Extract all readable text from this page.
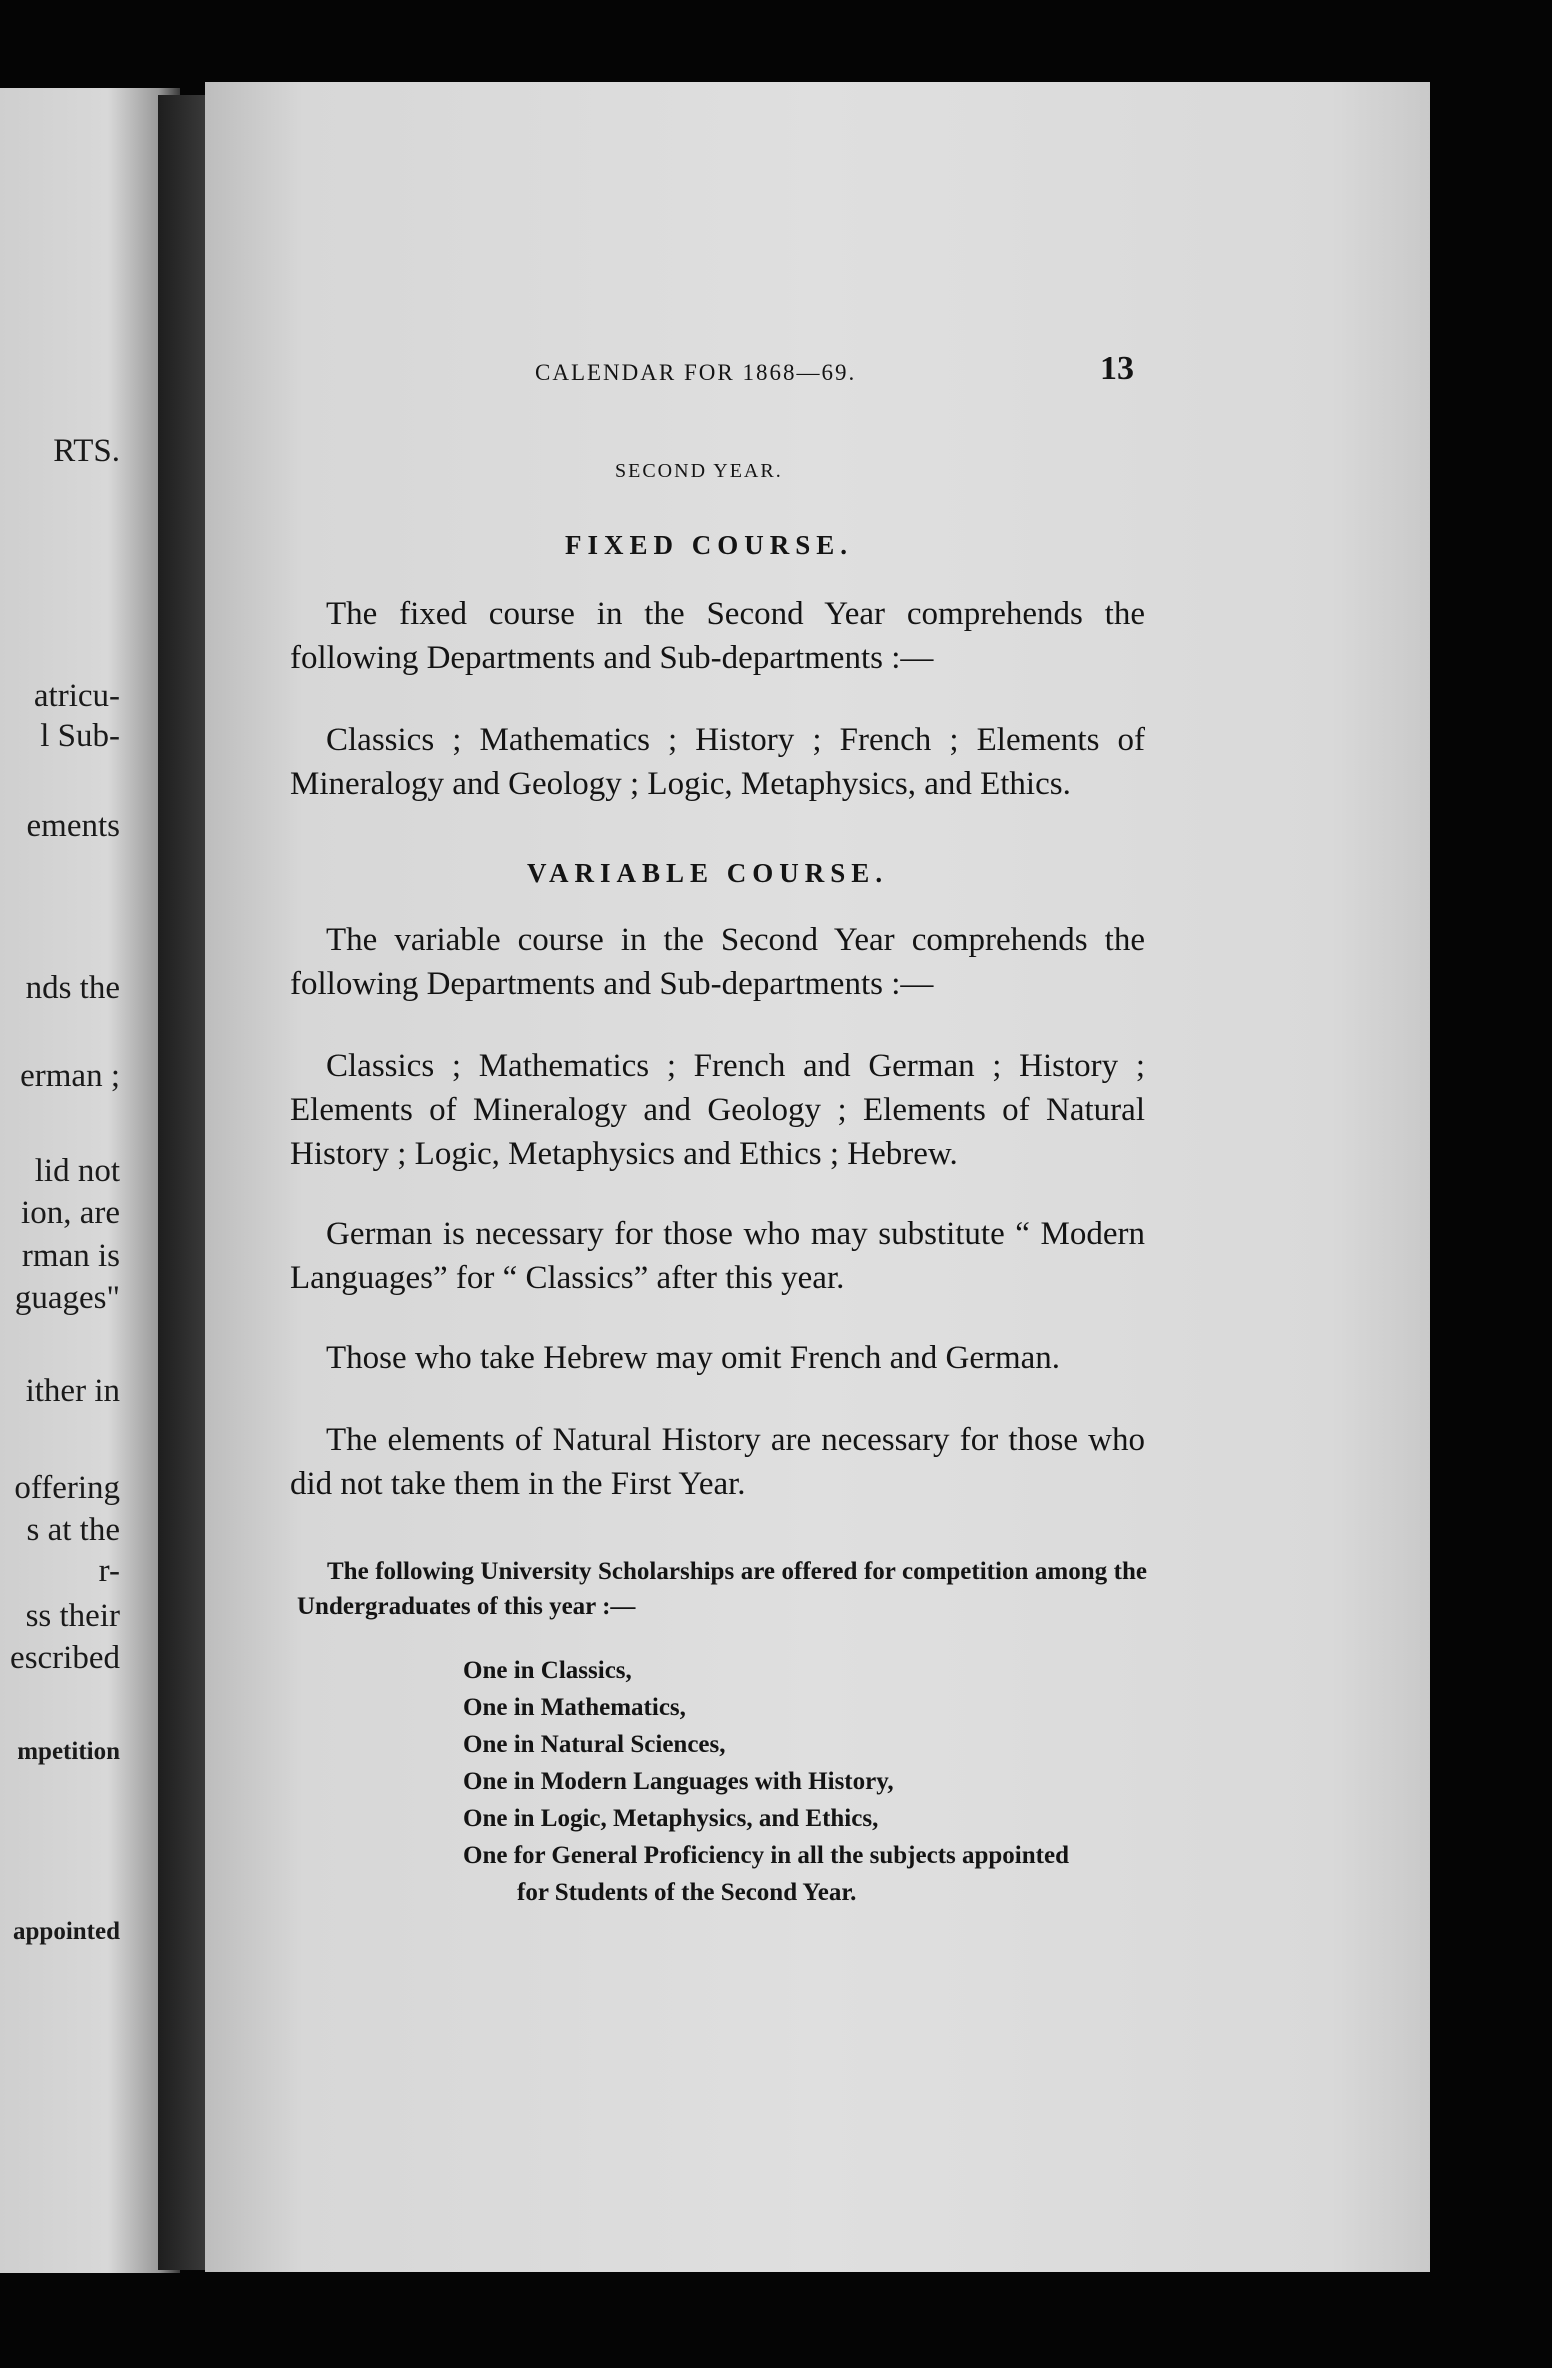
RTS.
atricu-
l Sub-
ements
nds the
erman ;
lid not
ion, are
rman is
guages"
ither in
offering
s at the
r-
ss their
escribed
mpetition
appointed
CALENDAR FOR 1868—69.	13
SECOND YEAR.
FIXED COURSE.

The fixed course in the Second Year comprehends the following Departments and Sub-departments :—

Classics ; Mathematics ; History ; French ; Elements of Mineralogy and Geology ; Logic, Metaphysics, and Ethics.

VARIABLE COURSE.

The variable course in the Second Year comprehends the following Departments and Sub-departments :—

Classics ; Mathematics ; French and German ; History ; Elements of Mineralogy and Geology ; Elements of Natural History ; Logic, Metaphysics and Ethics ; Hebrew.

German is necessary for those who may substitute “ Modern Languages” for “ Classics” after this year.

Those who take Hebrew may omit French and German.

The elements of Natural History are necessary for those who did not take them in the First Year.

The following University Scholarships are offered for competition among the Undergraduates of this year :—

One in Classics,
One in Mathematics,
One in Natural Sciences,
One in Modern Languages with History,
One in Logic, Metaphysics, and Ethics,
One for General Proficiency in all the subjects appointed
for Students of the Second Year.
